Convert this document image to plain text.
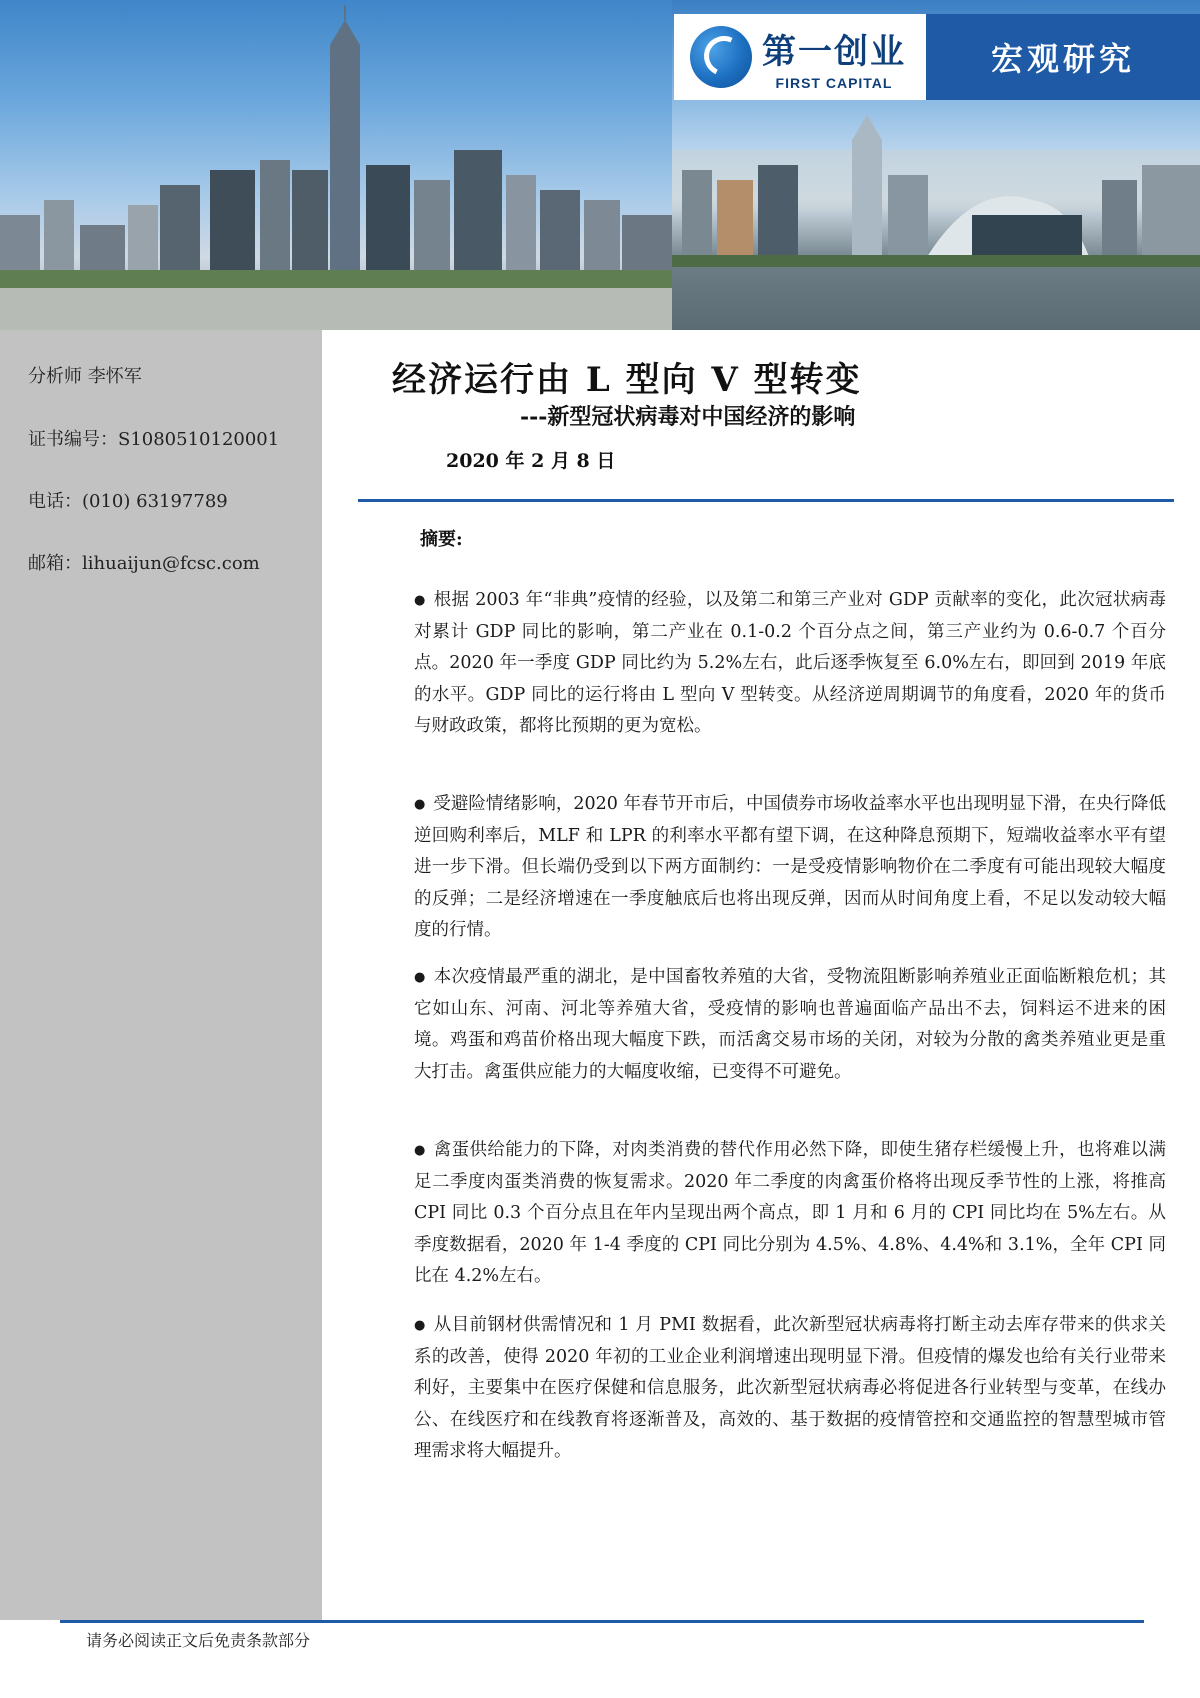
第一创业
FIRST CAPITAL
宏观研究
分析师 李怀军
证书编号：S1080510120001
电话：(010) 63197789
邮箱：lihuaijun@fcsc.com
经济运行由 L 型向 V 型转变
---新型冠状病毒对中国经济的影响
2020 年 2 月 8 日
摘要:
● 根据 2003 年“非典”疫情的经验，以及第二和第三产业对 GDP 贡献率的变化，此次冠状病毒对累计 GDP 同比的影响，第二产业在 0.1-0.2 个百分点之间，第三产业约为 0.6-0.7 个百分点。2020 年一季度 GDP 同比约为 5.2%左右，此后逐季恢复至 6.0%左右，即回到 2019 年底的水平。GDP 同比的运行将由 L 型向 V 型转变。从经济逆周期调节的角度看，2020 年的货币与财政政策，都将比预期的更为宽松。
● 受避险情绪影响，2020 年春节开市后，中国债券市场收益率水平也出现明显下滑，在央行降低逆回购利率后，MLF 和 LPR 的利率水平都有望下调，在这种降息预期下，短端收益率水平有望进一步下滑。但长端仍受到以下两方面制约：一是受疫情影响物价在二季度有可能出现较大幅度的反弹；二是经济增速在一季度触底后也将出现反弹，因而从时间角度上看，不足以发动较大幅度的行情。
● 本次疫情最严重的湖北，是中国畜牧养殖的大省，受物流阻断影响养殖业正面临断粮危机；其它如山东、河南、河北等养殖大省，受疫情的影响也普遍面临产品出不去，饲料运不进来的困境。鸡蛋和鸡苗价格出现大幅度下跌，而活禽交易市场的关闭，对较为分散的禽类养殖业更是重大打击。禽蛋供应能力的大幅度收缩，已变得不可避免。
● 禽蛋供给能力的下降，对肉类消费的替代作用必然下降，即使生猪存栏缓慢上升，也将难以满足二季度肉蛋类消费的恢复需求。2020 年二季度的肉禽蛋价格将出现反季节性的上涨，将推高 CPI 同比 0.3 个百分点且在年内呈现出两个高点，即 1 月和 6 月的 CPI 同比均在 5%左右。从季度数据看，2020 年 1-4 季度的 CPI 同比分别为 4.5%、4.8%、4.4%和 3.1%，全年 CPI 同比在 4.2%左右。
● 从目前钢材供需情况和 1 月 PMI 数据看，此次新型冠状病毒将打断主动去库存带来的供求关系的改善，使得 2020 年初的工业企业利润增速出现明显下滑。但疫情的爆发也给有关行业带来利好，主要集中在医疗保健和信息服务，此次新型冠状病毒必将促进各行业转型与变革，在线办公、在线医疗和在线教育将逐渐普及，高效的、基于数据的疫情管控和交通监控的智慧型城市管理需求将大幅提升。
请务必阅读正文后免责条款部分
